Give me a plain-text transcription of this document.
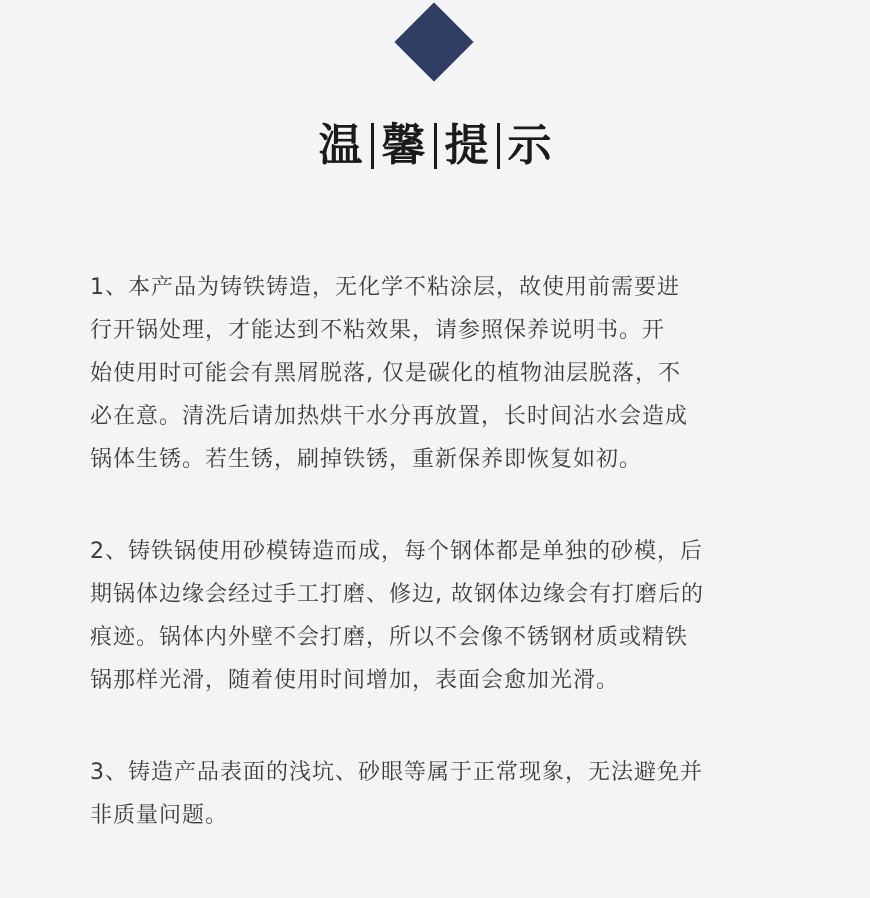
温 馨 提 示
1、本产品为铸铁铸造，无化学不粘涂层，故使用前需要进
行开锅处理，才能达到不粘效果，请参照保养说明书。开
始使用时可能会有黑屑脱落, 仅是碳化的植物油层脱落，不
必在意。清洗后请加热烘干水分再放置，长时间沾水会造成
锅体生锈。若生锈，刷掉铁锈，重新保养即恢复如初。
2、铸铁锅使用砂模铸造而成，每个钢体都是单独的砂模，后
期锅体边缘会经过手工打磨、修边, 故钢体边缘会有打磨后的
痕迹。锅体内外壁不会打磨，所以不会像不锈钢材质或精铁
锅那样光滑，随着使用时间增加，表面会愈加光滑。
3、铸造产品表面的浅坑、砂眼等属于正常现象，无法避免并
非质量问题。
